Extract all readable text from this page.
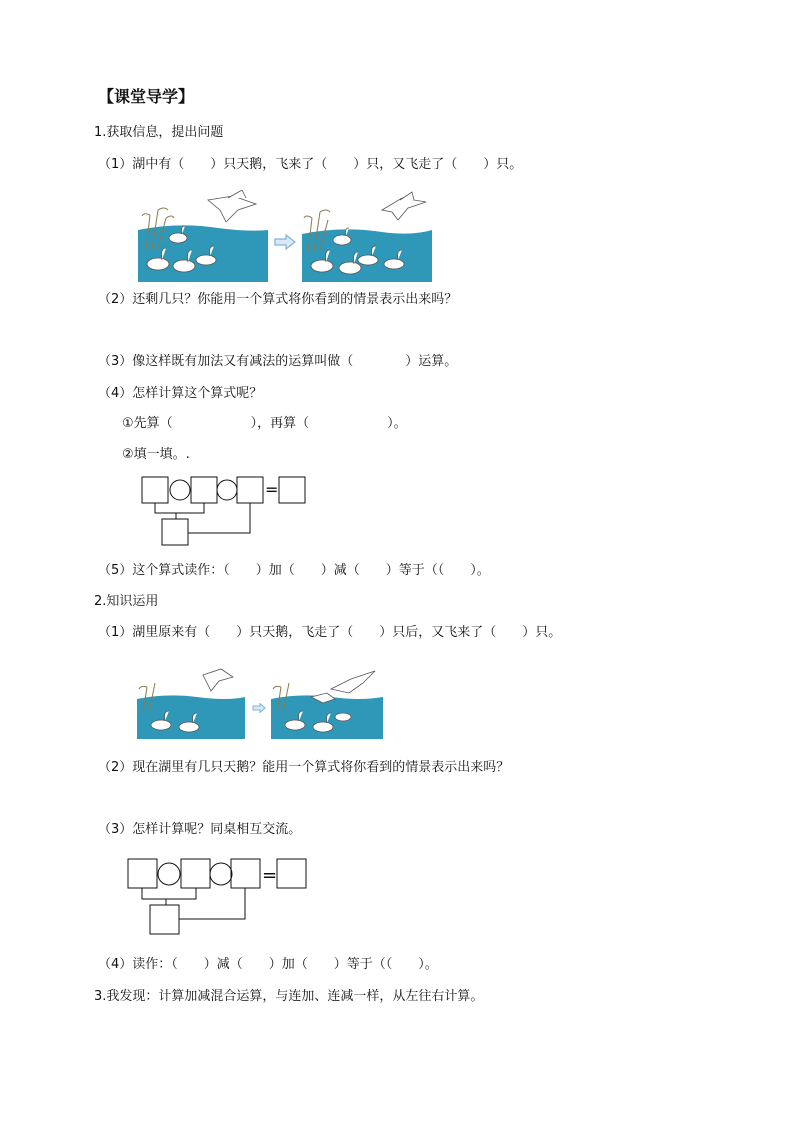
【课堂导学】
1.获取信息，提出问题
（1）湖中有（　　）只天鹅，飞来了（　　）只，又飞走了（　　）只。
（2）还剩几只？你能用一个算式将你看到的情景表示出来吗？
（3）像这样既有加法又有减法的运算叫做（　　　　）运算。
（4）怎样计算这个算式呢？
①先算（　　　　　　），再算（　　　　　　）。
②填一填。.
=
（5）这个算式读作：（　　）加（　　）减（　　）等于（（　　）。
2.知识运用
（1）湖里原来有（　　）只天鹅，飞走了（　　）只后，又飞来了（　　）只。
（2）现在湖里有几只天鹅？能用一个算式将你看到的情景表示出来吗？
（3）怎样计算呢？同桌相互交流。
=
（4）读作：（　　）减（　　）加（　　）等于（（　　）。
3.我发现：计算加减混合运算，与连加、连减一样，从左往右计算。
